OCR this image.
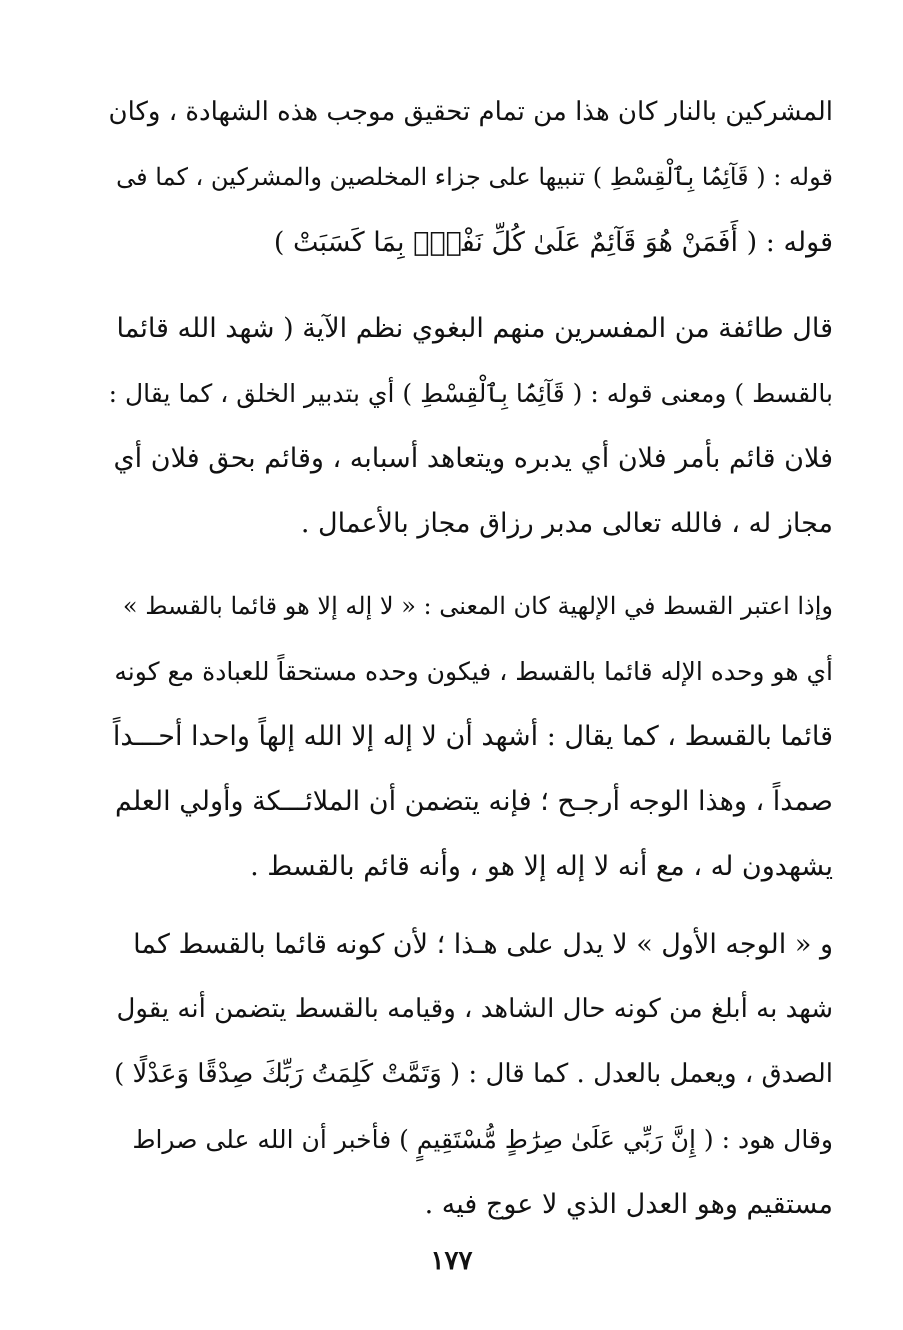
المشركين بالنار كان هذا من تمام تحقيق موجب هذه الشهادة ، وكان
قوله : ( قَآئِمَۢا بِٱلْقِسْطِ ) تنبيها على جزاء المخلصين والمشركين ، كما فى
قوله : ( أَفَمَنْ هُوَ قَآئِمٌ عَلَىٰ كُلِّ نَفْسٍۭ بِمَا كَسَبَتْ )
قال طائفة من المفسرين منهم البغوي نظم الآية ( شهد الله قائما
بالقسط ) ومعنى قوله : ( قَآئِمَۢا بِٱلْقِسْطِ ) أي بتدبير الخلق ، كما يقال :
فلان قائم بأمر فلان أي يدبره ويتعاهد أسبابه ، وقائم بحق فلان أي
مجاز له ، فالله تعالى مدبر رزاق مجاز بالأعمال .
وإذا اعتبر القسط في الإلهية كان المعنى : « لا إله إلا هو قائما بالقسط »
أي هو وحده الإله قائما بالقسط ، فيكون وحده مستحقاً للعبادة مع كونه
قائما بالقسط ، كما يقال : أشهد أن لا إله إلا الله إلهاً واحدا أحـــداً
صمداً ، وهذا الوجه أرجـح ؛ فإنه يتضمن أن الملائـــكة وأولي العلم
يشهدون له ، مع أنه لا إله إلا هو ، وأنه قائم بالقسط .
و « الوجه الأول » لا يدل على هـذا ؛ لأن كونه قائما بالقسط كما
شهد به أبلغ من كونه حال الشاهد ، وقيامه بالقسط يتضمن أنه يقول
الصدق ، ويعمل بالعدل . كما قال : ( وَتَمَّتْ كَلِمَتُ رَبِّكَ صِدْقًا وَعَدْلًا )
وقال هود : ( إِنَّ رَبِّي عَلَىٰ صِرَٰطٍ مُّسْتَقِيمٍ ) فأخبر أن الله على صراط
مستقيم وهو العدل الذي لا عوج فيه .
١٧٧
